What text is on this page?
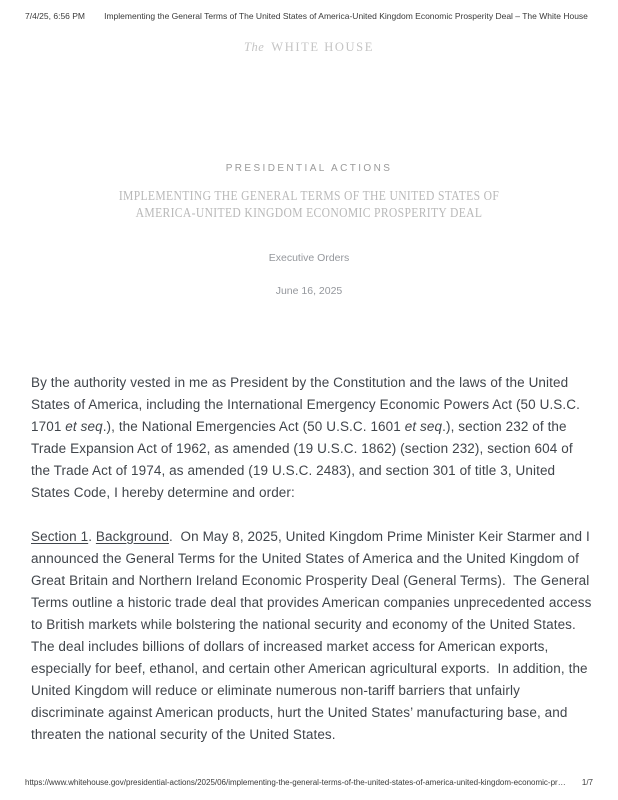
7/4/25, 6:56 PM	Implementing the General Terms of The United States of America-United Kingdom Economic Prosperity Deal – The White House
The WHITE HOUSE
PRESIDENTIAL ACTIONS
IMPLEMENTING THE GENERAL TERMS OF THE UNITED STATES OF
AMERICA-UNITED KINGDOM ECONOMIC PROSPERITY DEAL
Executive Orders
June 16, 2025

By the authority vested in me as President by the Constitution and the laws of the United States of America, including the International Emergency Economic Powers Act (50 U.S.C. 1701 et seq.), the National Emergencies Act (50 U.S.C. 1601 et seq.), section 232 of the Trade Expansion Act of 1962, as amended (19 U.S.C. 1862) (section 232), section 604 of the Trade Act of 1974, as amended (19 U.S.C. 2483), and section 301 of title 3, United States Code, I hereby determine and order:

Section 1. Background.  On May 8, 2025, United Kingdom Prime Minister Keir Starmer and I announced the General Terms for the United States of America and the United Kingdom of Great Britain and Northern Ireland Economic Prosperity Deal (General Terms).  The General Terms outline a historic trade deal that provides American companies unprecedented access to British markets while bolstering the national security and economy of the United States.  The deal includes billions of dollars of increased market access for American exports, especially for beef, ethanol, and certain other American agricultural exports.  In addition, the United Kingdom will reduce or eliminate numerous non-tariff barriers that unfairly discriminate against American products, hurt the United States’ manufacturing base, and threaten the national security of the United States.

https://www.whitehouse.gov/presidential-actions/2025/06/implementing-the-general-terms-of-the-united-states-of-america-united-kingdom-economic-pr… 1/7
